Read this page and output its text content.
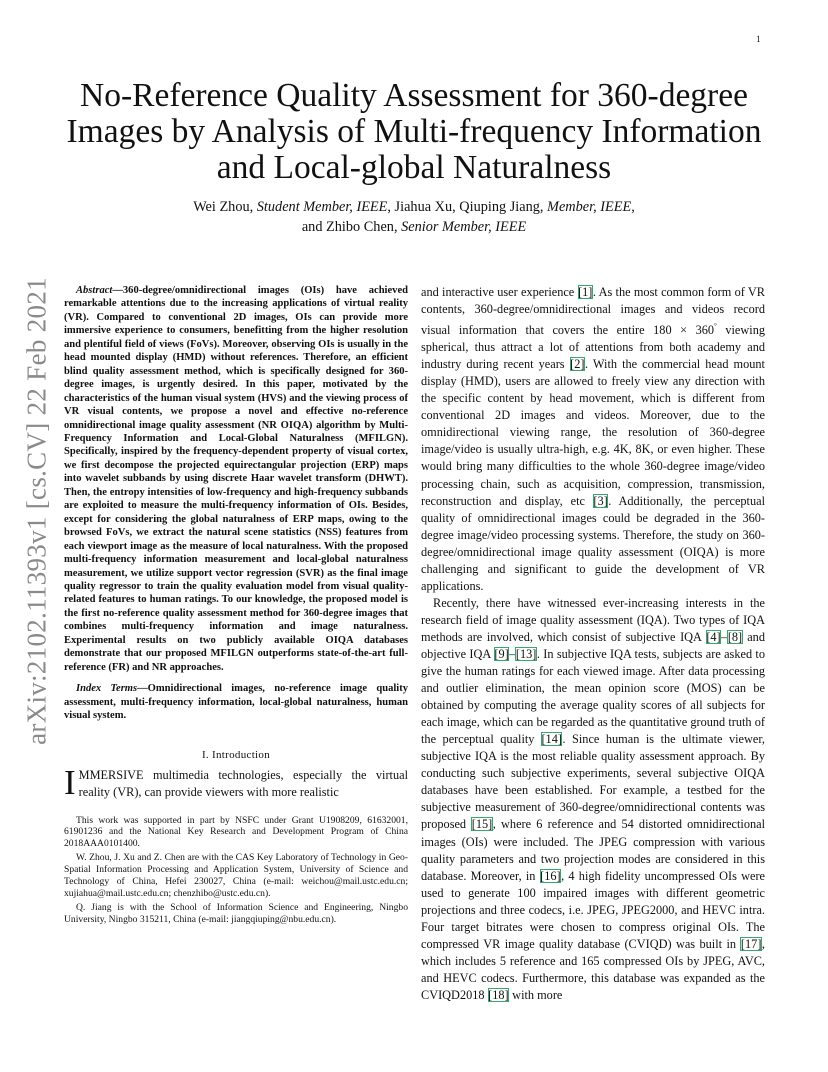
1
arXiv:2102.11393v1 [cs.CV] 22 Feb 2021
No-Reference Quality Assessment for 360-degree Images by Analysis of Multi-frequency Information and Local-global Naturalness

Wei Zhou, Student Member, IEEE, Jiahua Xu, Qiuping Jiang, Member, IEEE,
and Zhibo Chen, Senior Member, IEEE

Abstract—360-degree/omnidirectional images (OIs) have achieved remarkable attentions due to the increasing applications of virtual reality (VR). Compared to conventional 2D images, OIs can provide more immersive experience to consumers, benefitting from the higher resolution and plentiful field of views (FoVs). Moreover, observing OIs is usually in the head mounted display (HMD) without references. Therefore, an efficient blind quality assessment method, which is specifically designed for 360-degree images, is urgently desired. In this paper, motivated by the characteristics of the human visual system (HVS) and the viewing process of VR visual contents, we propose a novel and effective no-reference omnidirectional image quality assessment (NR OIQA) algorithm by Multi-Frequency Information and Local-Global Naturalness (MFILGN). Specifically, inspired by the frequency-dependent property of visual cortex, we first decompose the projected equirectangular projection (ERP) maps into wavelet subbands by using discrete Haar wavelet transform (DHWT). Then, the entropy intensities of low-frequency and high-frequency subbands are exploited to measure the multi-frequency information of OIs. Besides, except for considering the global naturalness of ERP maps, owing to the browsed FoVs, we extract the natural scene statistics (NSS) features from each viewport image as the measure of local naturalness. With the proposed multi-frequency information measurement and local-global naturalness measurement, we utilize support vector regression (SVR) as the final image quality regressor to train the quality evaluation model from visual quality-related features to human ratings. To our knowledge, the proposed model is the first no-reference quality assessment method for 360-degree images that combines multi-frequency information and image naturalness. Experimental results on two publicly available OIQA databases demonstrate that our proposed MFILGN outperforms state-of-the-art full-reference (FR) and NR approaches.

Index Terms—Omnidirectional images, no-reference image quality assessment, multi-frequency information, local-global naturalness, human visual system.

I. Introduction

IMMERSIVE multimedia technologies, especially the virtual reality (VR), can provide viewers with more realistic

This work was supported in part by NSFC under Grant U1908209, 61632001, 61901236 and the National Key Research and Development Program of China 2018AAA0101400.

W. Zhou, J. Xu and Z. Chen are with the CAS Key Laboratory of Technology in Geo-Spatial Information Processing and Application System, University of Science and Technology of China, Hefei 230027, China (e-mail: weichou@mail.ustc.edu.cn; xujiahua@mail.ustc.edu.cn; chenzhibo@ustc.edu.cn).

Q. Jiang is with the School of Information Science and Engineering, Ningbo University, Ningbo 315211, China (e-mail: jiangqiuping@nbu.edu.cn).

and interactive user experience [1]. As the most common form of VR contents, 360-degree/omnidirectional images and videos record visual information that covers the entire 180 × 360° viewing spherical, thus attract a lot of attentions from both academy and industry during recent years [2]. With the commercial head mount display (HMD), users are allowed to freely view any direction with the specific content by head movement, which is different from conventional 2D images and videos. Moreover, due to the omnidirectional viewing range, the resolution of 360-degree image/video is usually ultra-high, e.g. 4K, 8K, or even higher. These would bring many difficulties to the whole 360-degree image/video processing chain, such as acquisition, compression, transmission, reconstruction and display, etc [3]. Additionally, the perceptual quality of omnidirectional images could be degraded in the 360-degree image/video processing systems. Therefore, the study on 360-degree/omnidirectional image quality assessment (OIQA) is more challenging and significant to guide the development of VR applications.

Recently, there have witnessed ever-increasing interests in the research field of image quality assessment (IQA). Two types of IQA methods are involved, which consist of subjective IQA [4]–[8] and objective IQA [9]–[13]. In subjective IQA tests, subjects are asked to give the human ratings for each viewed image. After data processing and outlier elimination, the mean opinion score (MOS) can be obtained by computing the average quality scores of all subjects for each image, which can be regarded as the quantitative ground truth of the perceptual quality [14]. Since human is the ultimate viewer, subjective IQA is the most reliable quality assessment approach. By conducting such subjective experiments, several subjective OIQA databases have been established. For example, a testbed for the subjective measurement of 360-degree/omnidirectional contents was proposed [15], where 6 reference and 54 distorted omnidirectional images (OIs) were included. The JPEG compression with various quality parameters and two projection modes are considered in this database. Moreover, in [16], 4 high fidelity uncompressed OIs were used to generate 100 impaired images with different geometric projections and three codecs, i.e. JPEG, JPEG2000, and HEVC intra. Four target bitrates were chosen to compress original OIs. The compressed VR image quality database (CVIQD) was built in [17], which includes 5 reference and 165 compressed OIs by JPEG, AVC, and HEVC codecs. Furthermore, this database was expanded as the CVIQD2018 [18] with more
